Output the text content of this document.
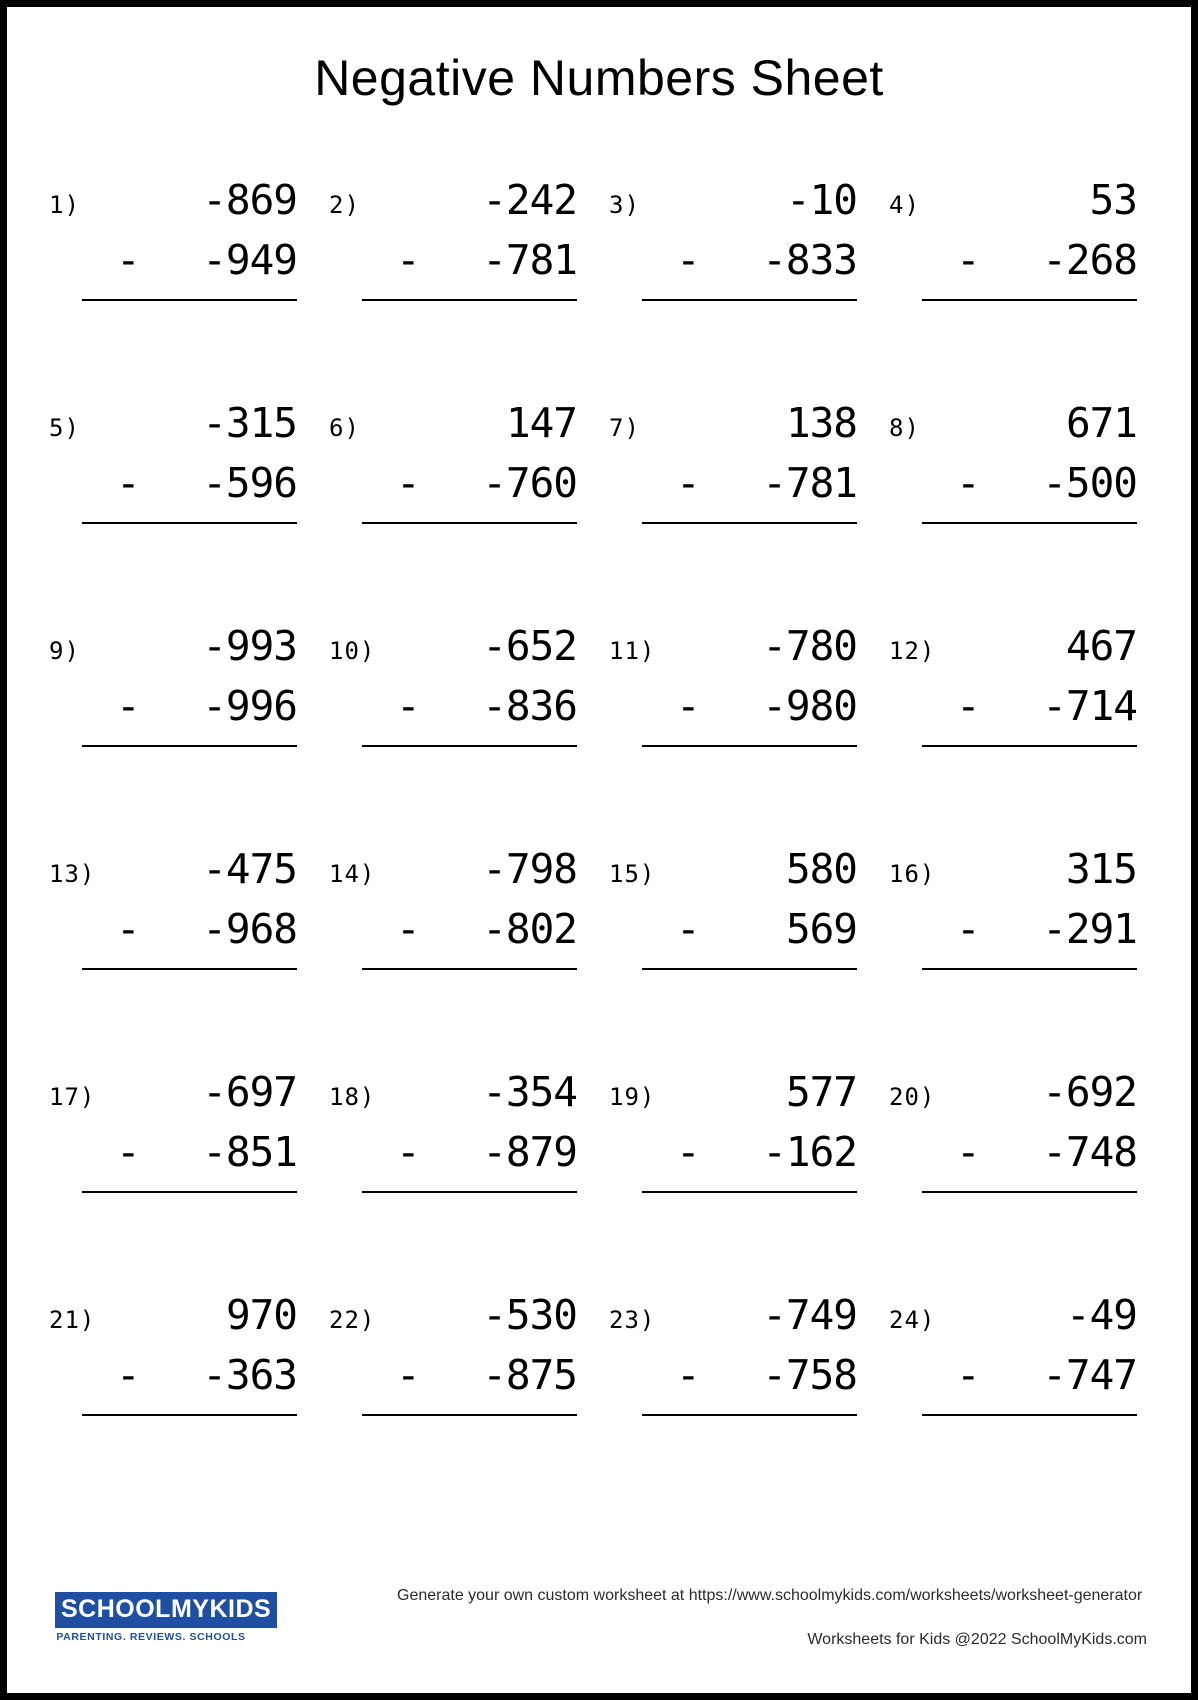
Negative Numbers Sheet
1)	-869
- -949
2)	-242
- -781
3)	-10
- -833
4)	53
- -268
5)	-315
- -596
6)	147
- -760
7)	138
- -781
8)	671
- -500
9)	-993
- -996
10)	-652
- -836
11)	-780
- -980
12)	467
- -714
13)	-475
- -968
14)	-798
- -802
15)	580
- 569
16)	315
- -291
17)	-697
- -851
18)	-354
- -879
19)	577
- -162
20)	-692
- -748
21)	970
- -363
22)	-530
- -875
23)	-749
- -758
24)	-49
- -747
SCHOOLMYKIDS
PARENTING. REVIEWS. SCHOOLS
Generate your own custom worksheet at https://www.schoolmykids.com/worksheets/worksheet-generator
Worksheets for Kids @2022 SchoolMyKids.com
